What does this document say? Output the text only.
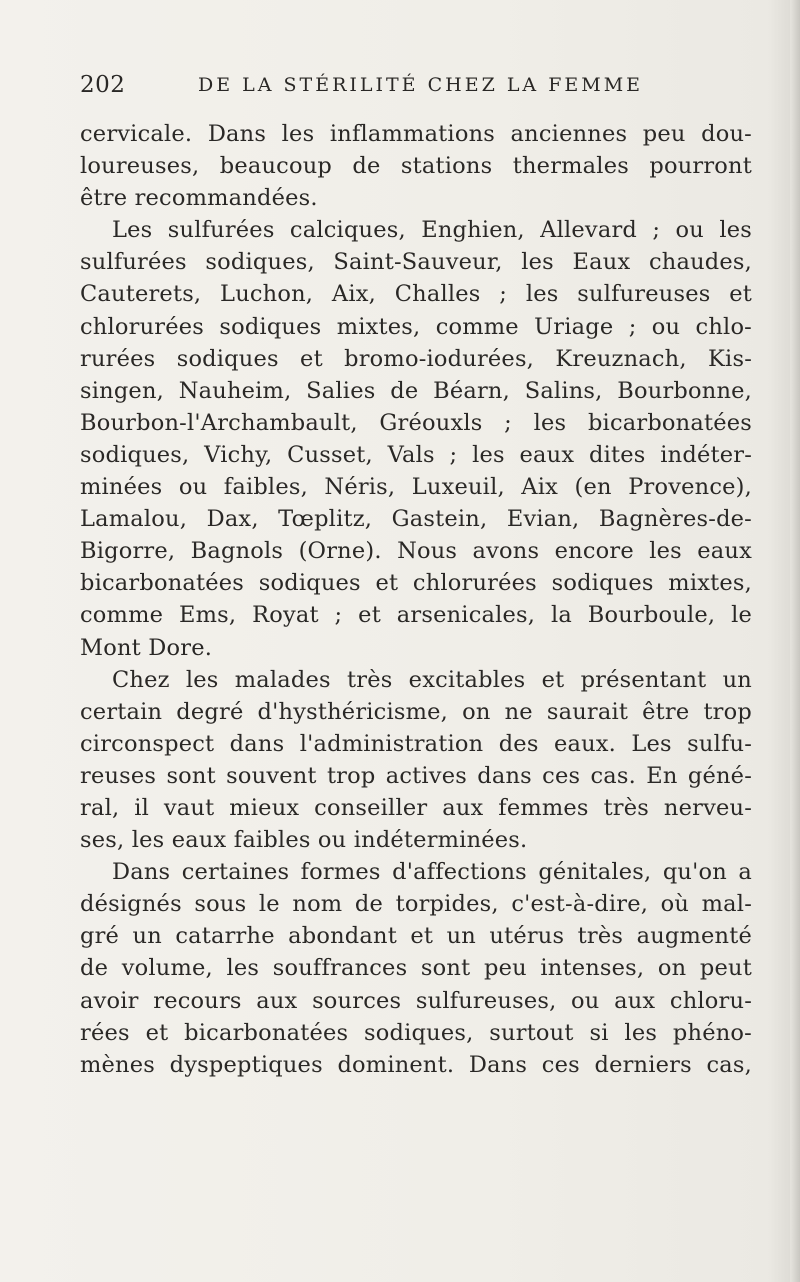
202	DE LA STÉRILITÉ CHEZ LA FEMME
cervicale. Dans les inflammations anciennes peu dou-
loureuses, beaucoup de stations thermales pourront
être recommandées.
Les sulfurées calciques, Enghien, Allevard ; ou les
sulfurées sodiques, Saint-Sauveur, les Eaux chaudes,
Cauterets, Luchon, Aix, Challes ; les sulfureuses et
chlorurées sodiques mixtes, comme Uriage ; ou chlo-
rurées sodiques et bromo-iodurées, Kreuznach, Kis-
singen, Nauheim, Salies de Béarn, Salins, Bourbonne,
Bourbon-l'Archambault, Gréouxls ; les bicarbonatées
sodiques, Vichy, Cusset, Vals ; les eaux dites indéter-
minées ou faibles, Néris, Luxeuil, Aix (en Provence),
Lamalou, Dax, Tœplitz, Gastein, Evian, Bagnères-de-
Bigorre, Bagnols (Orne). Nous avons encore les eaux
bicarbonatées sodiques et chlorurées sodiques mixtes,
comme Ems, Royat ; et arsenicales, la Bourboule, le
Mont Dore.
Chez les malades très excitables et présentant un
certain degré d'hysthéricisme, on ne saurait être trop
circonspect dans l'administration des eaux. Les sulfu-
reuses sont souvent trop actives dans ces cas. En géné-
ral, il vaut mieux conseiller aux femmes très nerveu-
ses, les eaux faibles ou indéterminées.
Dans certaines formes d'affections génitales, qu'on a
désignés sous le nom de torpides, c'est-à-dire, où mal-
gré un catarrhe abondant et un utérus très augmenté
de volume, les souffrances sont peu intenses, on peut
avoir recours aux sources sulfureuses, ou aux chloru-
rées et bicarbonatées sodiques, surtout si les phéno-
mènes dyspeptiques dominent. Dans ces derniers cas,
